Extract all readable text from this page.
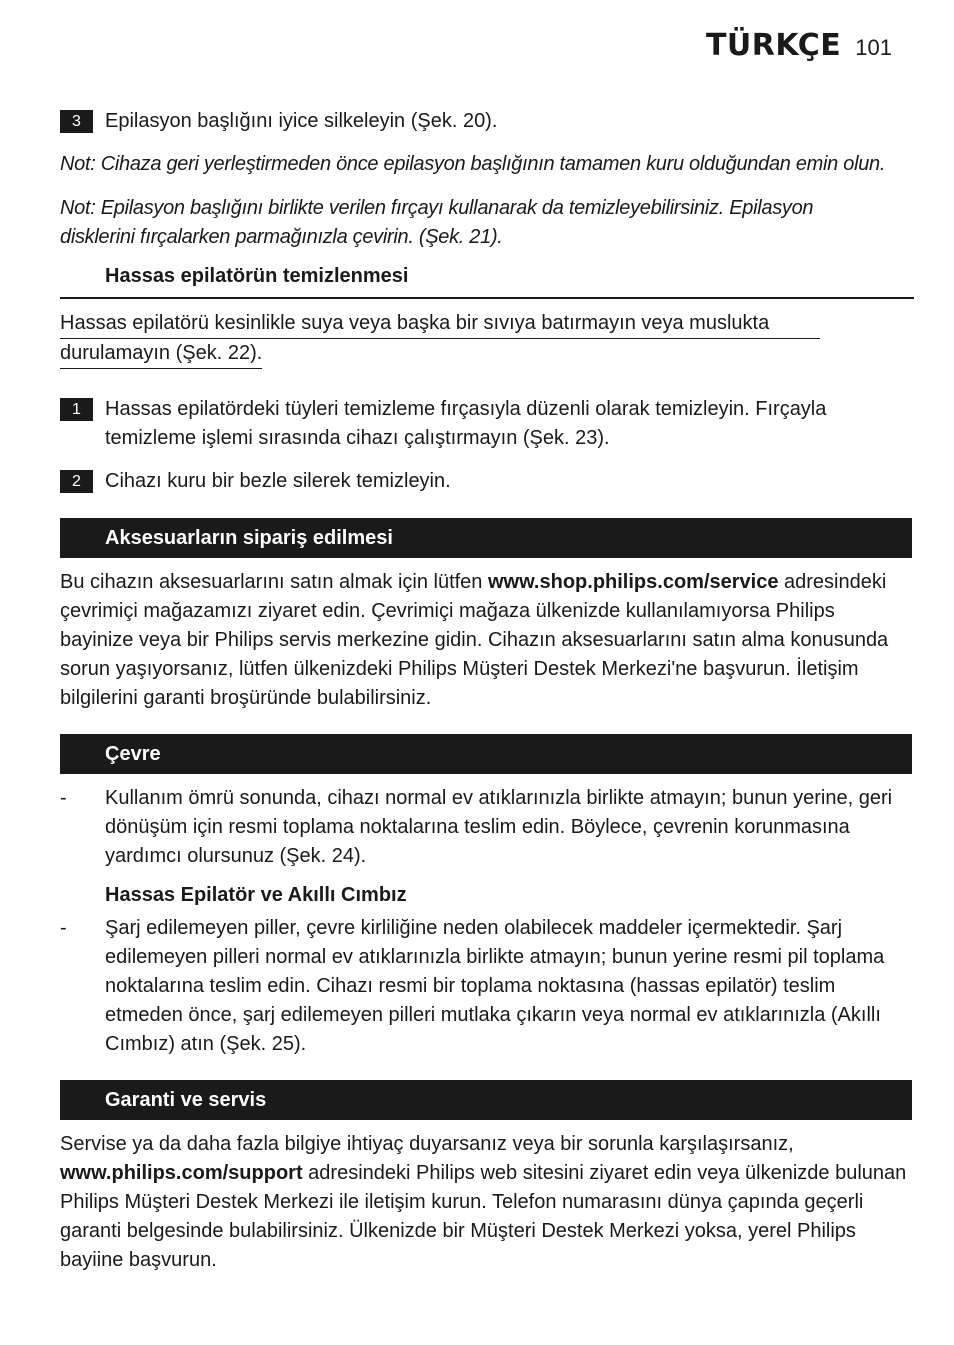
TÜRKÇE 101
3	Epilasyon başlığını iyice silkeleyin (Şek. 20).
Not: Cihaza geri yerleştirmeden önce epilasyon başlığının tamamen kuru olduğundan emin olun.
Not: Epilasyon başlığını birlikte verilen fırçayı kullanarak da temizleyebilirsiniz. Epilasyon disklerini fırçalarken parmağınızla çevirin. (Şek. 21).
Hassas epilatörün temizlenmesi
Hassas epilatörü kesinlikle suya veya başka bir sıvıya batırmayın veya muslukta
durulamayın (Şek. 22).
1	Hassas epilatördeki tüyleri temizleme fırçasıyla düzenli olarak temizleyin. Fırçayla temizleme işlemi sırasında cihazı çalıştırmayın (Şek. 23).
2	Cihazı kuru bir bezle silerek temizleyin.
Aksesuarların sipariş edilmesi

Bu cihazın aksesuarlarını satın almak için lütfen www.shop.philips.com/service adresindeki çevrimiçi mağazamızı ziyaret edin. Çevrimiçi mağaza ülkenizde kullanılamıyorsa Philips bayinize veya bir Philips servis merkezine gidin. Cihazın aksesuarlarını satın alma konusunda sorun yaşıyorsanız, lütfen ülkenizdeki Philips Müşteri Destek Merkezi'ne başvurun. İletişim bilgilerini garanti broşüründe bulabilirsiniz.

Çevre
- Kullanım ömrü sonunda, cihazı normal ev atıklarınızla birlikte atmayın; bunun yerine, geri dönüşüm için resmi toplama noktalarına teslim edin. Böylece, çevrenin korunmasına yardımcı olursunuz (Şek. 24).
Hassas Epilatör ve Akıllı Cımbız
- Şarj edilemeyen piller, çevre kirliliğine neden olabilecek maddeler içermektedir. Şarj edilemeyen pilleri normal ev atıklarınızla birlikte atmayın; bunun yerine resmi pil toplama noktalarına teslim edin. Cihazı resmi bir toplama noktasına (hassas epilatör) teslim etmeden önce, şarj edilemeyen pilleri mutlaka çıkarın veya normal ev atıklarınızla (Akıllı Cımbız) atın (Şek. 25).
Garanti ve servis

Servise ya da daha fazla bilgiye ihtiyaç duyarsanız veya bir sorunla karşılaşırsanız, www.philips.com/support adresindeki Philips web sitesini ziyaret edin veya ülkenizde bulunan Philips Müşteri Destek Merkezi ile iletişim kurun. Telefon numarasını dünya çapında geçerli garanti belgesinde bulabilirsiniz. Ülkenizde bir Müşteri Destek Merkezi yoksa, yerel Philips bayiine başvurun.
